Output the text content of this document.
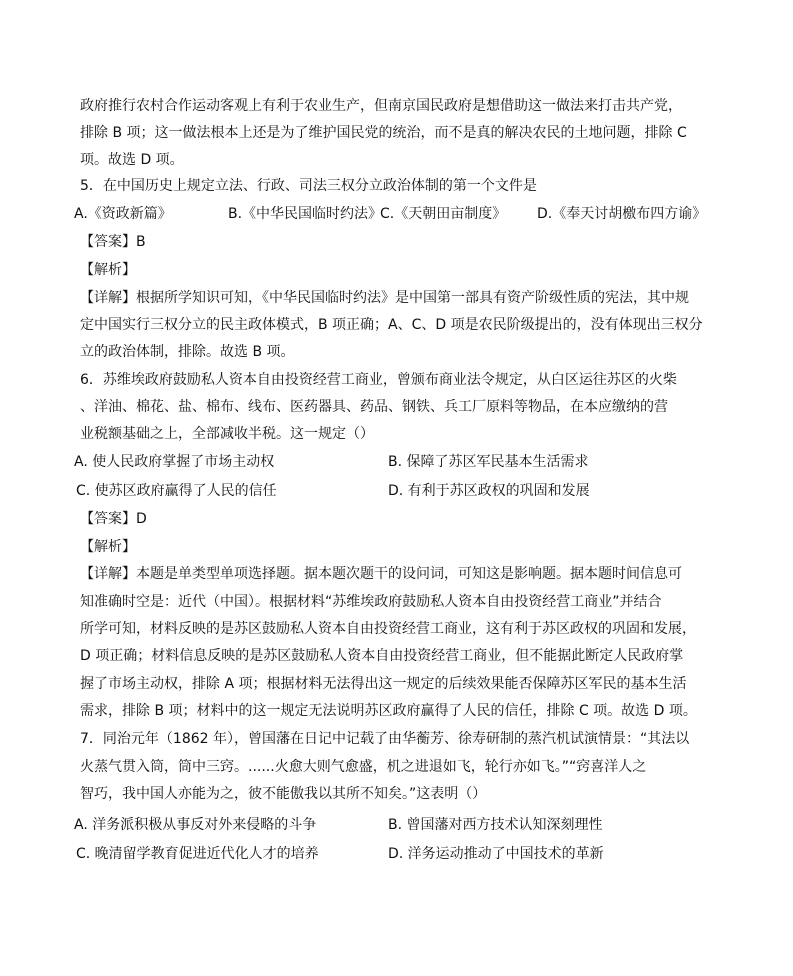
政府推行农村合作运动客观上有利于农业生产，但南京国民政府是想借助这一做法来打击共产党，
排除 B 项；这一做法根本上还是为了维护国民党的统治，而不是真的解决农民的土地问题，排除 C
项。故选 D 项。
5．在中国历史上规定立法、行政、司法三权分立政治体制的第一个文件是
A.《资政新篇》	B.《中华民国临时约法》
C.《天朝田亩制度》 D.《奉天讨胡檄布四方谕》
【答案】B
【解析】
【详解】根据所学知识可知，《中华民国临时约法》是中国第一部具有资产阶级性质的宪法，其中规
定中国实行三权分立的民主政体模式，B 项正确；A、C、D 项是农民阶级提出的，没有体现出三权分
立的政治体制，排除。故选 B 项。
6．苏维埃政府鼓励私人资本自由投资经营工商业，曾颁布商业法令规定，从白区运往苏区的火柴
、洋油、棉花、盐、棉布、线布、医药器具、药品、钢铁、兵工厂原料等物品，在本应缴纳的营
业税额基础之上，全部减收半税。这一规定（）
A. 使人民政府掌握了市场主动权	B. 保障了苏区军民基本生活需求
C. 使苏区政府赢得了人民的信任	D. 有利于苏区政权的巩固和发展
【答案】D
【解析】
【详解】本题是单类型单项选择题。据本题次题干的设问词，可知这是影响题。据本题时间信息可
知准确时空是：近代（中国）。根据材料“苏维埃政府鼓励私人资本自由投资经营工商业”并结合
所学可知，材料反映的是苏区鼓励私人资本自由投资经营工商业，这有利于苏区政权的巩固和发展，
D 项正确；材料信息反映的是苏区鼓励私人资本自由投资经营工商业，但不能据此断定人民政府掌
握了市场主动权，排除 A 项；根据材料无法得出这一规定的后续效果能否保障苏区军民的基本生活
需求，排除 B 项；材料中的这一规定无法说明苏区政府赢得了人民的信任，排除 C 项。故选 D 项。
7．同治元年（1862 年），曾国藩在日记中记载了由华蘅芳、徐寿研制的蒸汽机试演情景：“其法以
火蒸气贯入筒，筒中三窍。......火愈大则气愈盛，机之进退如飞，轮行亦如飞。”“窍喜洋人之
智巧，我中国人亦能为之，彼不能傲我以其所不知矣。”这表明（）
A. 洋务派积极从事反对外来侵略的斗争	B. 曾国藩对西方技术认知深刻理性
C. 晚清留学教育促进近代化人才的培养	D. 洋务运动推动了中国技术的革新
